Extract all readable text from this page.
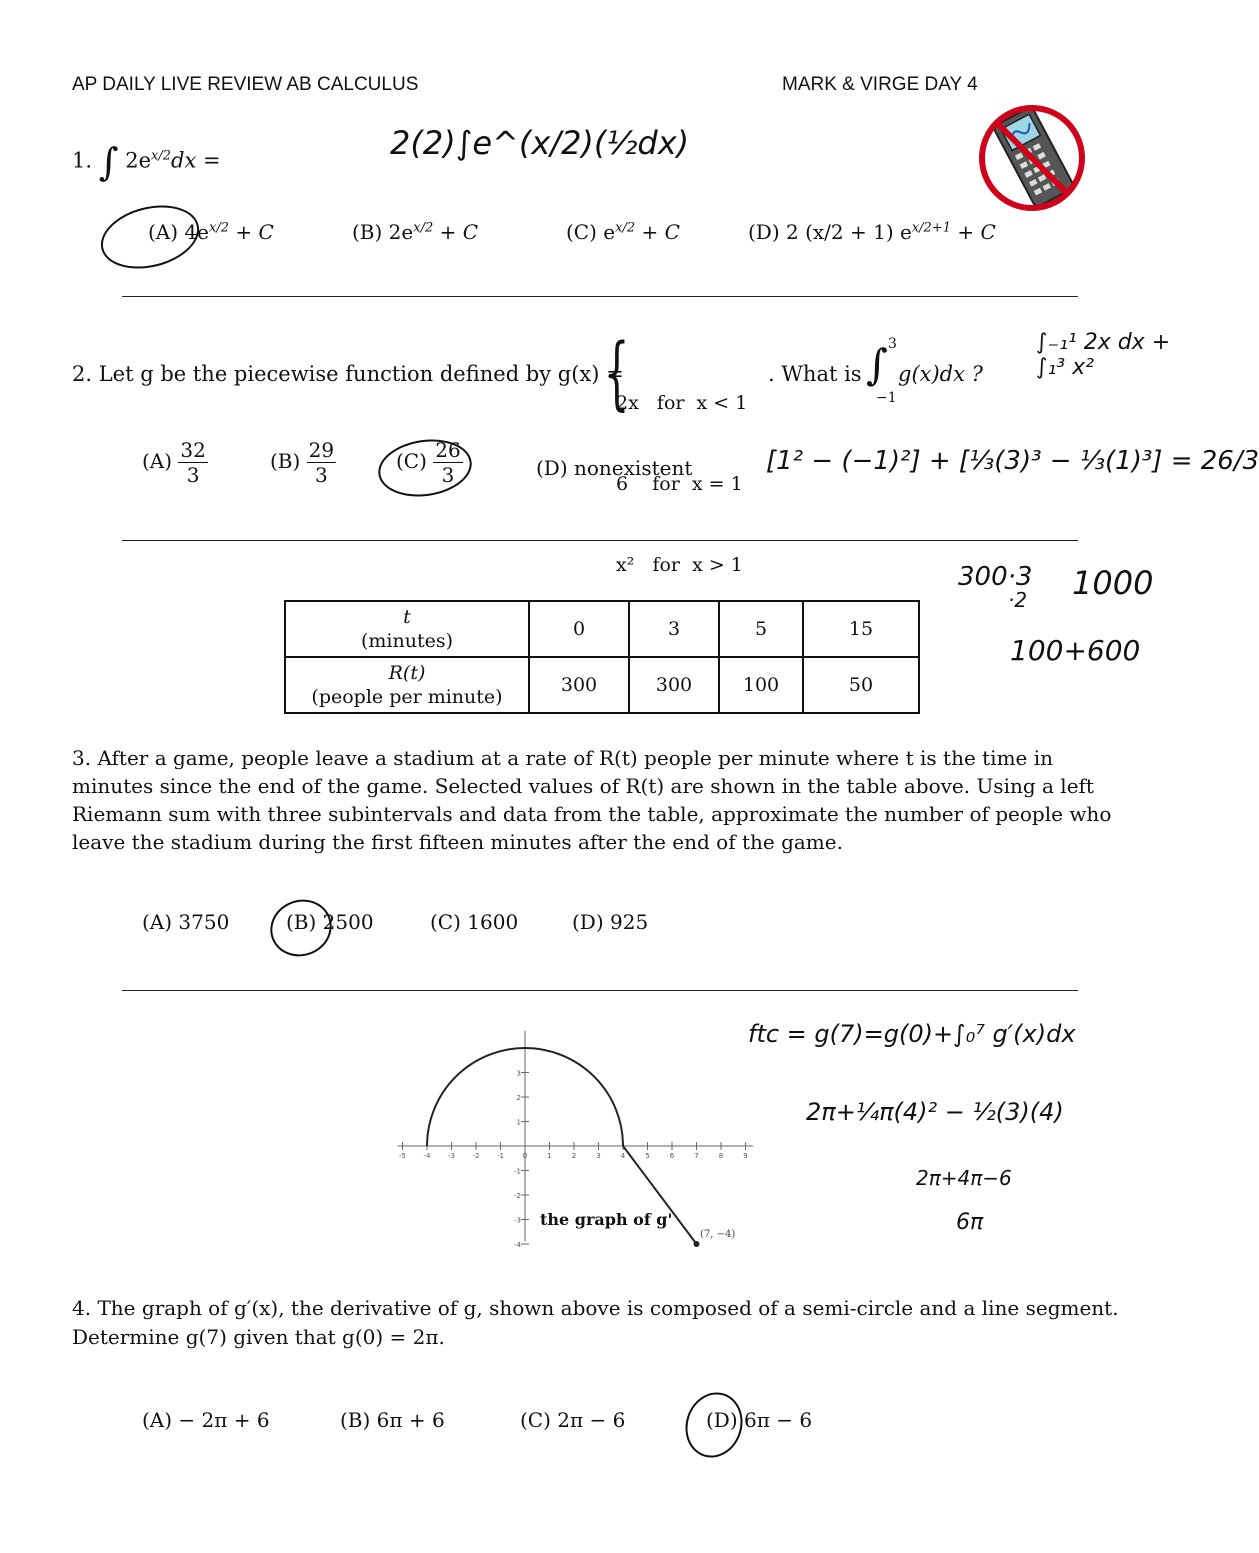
AP DAILY LIVE REVIEW AB CALCULUS	MARK & VIRGE DAY 4
1. ∫ $2e^{x/2}dx$ =	2(2)∫e^(x/2)(½dx)
(A) $4e^{x/2} + C$	(B) $2e^{x/2} + C$	(C) $e^{x/2} + C$	(D) 2 (x/2 + 1) $e^{x/2+1} + C$
2. Let g be the piecewise function defined by g(x) =
{

2x   for  x < 1

6    for  x = 1

x²   for  x > 1

. What is ∫ 3
−1
g(x)dx ?
∫₋₁¹ 2x dx + ∫₁³ x²
$(A) \frac{32}{3}$	$(B) \frac{29}{3}$	$(C) \frac{26}{3}$	(D) nonexistent	[1² − (−1)²] + [⅓(3)³ − ⅓(1)³] = 26/3
300·3
·2 1000
100+600
t
(minutes)	0	3	5	15

R(t)
(people per minute)	300	300	100	50
3. After a game, people leave a stadium at a rate of R(t) people per minute where t is the time in minutes since the end of the game. Selected values of R(t) are shown in the table above. Using a left Riemann sum with three subintervals and data from the table, approximate the number of people who leave the stadium during the first fifteen minutes after the end of the game.
(A) 3750	(B) 2500	(C) 1600	(D) 925
-5	-4	-3	-2	-1	0	1	2	3	4	5	6	7	8	9
3
2
1
-1
-2
-3
-4
the graph of g'
(7, −4)
ftc = g(7)=g(0)+∫₀⁷ g′(x)dx
2π+¼π(4)² − ½(3)(4)
2π+4π−6
6π
4. The graph of g′(x), the derivative of g, shown above is composed of a semi-circle and a line segment. Determine g(7) given that g(0) = 2π.
(A) − 2π + 6	(B) 6π + 6	(C) 2π − 6	(D) 6π − 6
